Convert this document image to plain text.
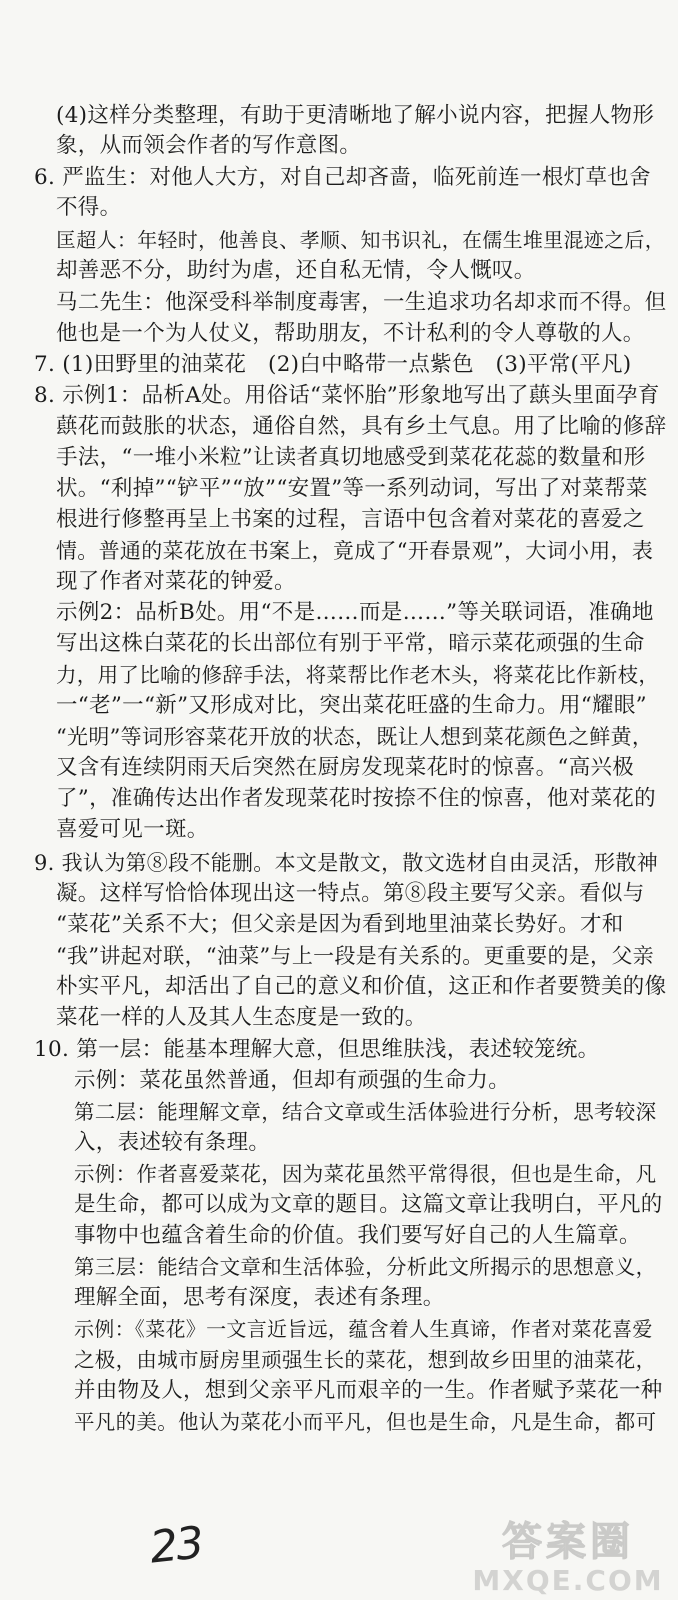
(4)这样分类整理，有助于更清晰地了解小说内容，把握人物形
象，从而领会作者的写作意图。
6. 严监生：对他人大方，对自己却吝啬，临死前连一根灯草也舍
不得。
匡超人：年轻时，他善良、孝顺、知书识礼，在儒生堆里混迹之后，
却善恶不分，助纣为虐，还自私无情，令人慨叹。
马二先生：他深受科举制度毒害，一生追求功名却求而不得。但
他也是一个为人仗义，帮助朋友，不计私利的令人尊敬的人。
7. (1)田野里的油菜花　(2)白中略带一点紫色　(3)平常(平凡)
8. 示例1：品析A处。用俗话“菜怀胎”形象地写出了蕻头里面孕育
蕻花而鼓胀的状态，通俗自然，具有乡土气息。用了比喻的修辞
手法，“一堆小米粒”让读者真切地感受到菜花花蕊的数量和形
状。“利掉”“铲平”“放”“安置”等一系列动词，写出了对菜帮菜
根进行修整再呈上书案的过程，言语中包含着对菜花的喜爱之
情。普通的菜花放在书案上，竟成了“开春景观”，大词小用，表
现了作者对菜花的钟爱。
示例2：品析B处。用“不是……而是……”等关联词语，准确地
写出这株白菜花的长出部位有别于平常，暗示菜花顽强的生命
力，用了比喻的修辞手法，将菜帮比作老木头，将菜花比作新枝，
一“老”一“新”又形成对比，突出菜花旺盛的生命力。用“耀眼”
“光明”等词形容菜花开放的状态，既让人想到菜花颜色之鲜黄，
又含有连续阴雨天后突然在厨房发现菜花时的惊喜。“高兴极
了”，准确传达出作者发现菜花时按捺不住的惊喜，他对菜花的
喜爱可见一斑。
9. 我认为第⑧段不能删。本文是散文，散文选材自由灵活，形散神
凝。这样写恰恰体现出这一特点。第⑧段主要写父亲。看似与
“菜花”关系不大；但父亲是因为看到地里油菜长势好。才和
“我”讲起对联，“油菜”与上一段是有关系的。更重要的是，父亲
朴实平凡，却活出了自己的意义和价值，这正和作者要赞美的像
菜花一样的人及其人生态度是一致的。
10. 第一层：能基本理解大意，但思维肤浅，表述较笼统。
示例：菜花虽然普通，但却有顽强的生命力。
第二层：能理解文章，结合文章或生活体验进行分析，思考较深
入，表述较有条理。
示例：作者喜爱菜花，因为菜花虽然平常得很，但也是生命，凡
是生命，都可以成为文章的题目。这篇文章让我明白，平凡的
事物中也蕴含着生命的价值。我们要写好自己的人生篇章。
第三层：能结合文章和生活体验，分析此文所揭示的思想意义，
理解全面，思考有深度，表述有条理。
示例：《菜花》一文言近旨远，蕴含着人生真谛，作者对菜花喜爱
之极，由城市厨房里顽强生长的菜花，想到故乡田里的油菜花，
并由物及人，想到父亲平凡而艰辛的一生。作者赋予菜花一种
平凡的美。他认为菜花小而平凡，但也是生命，凡是生命，都可
23	答案圈
MXQE.COM
